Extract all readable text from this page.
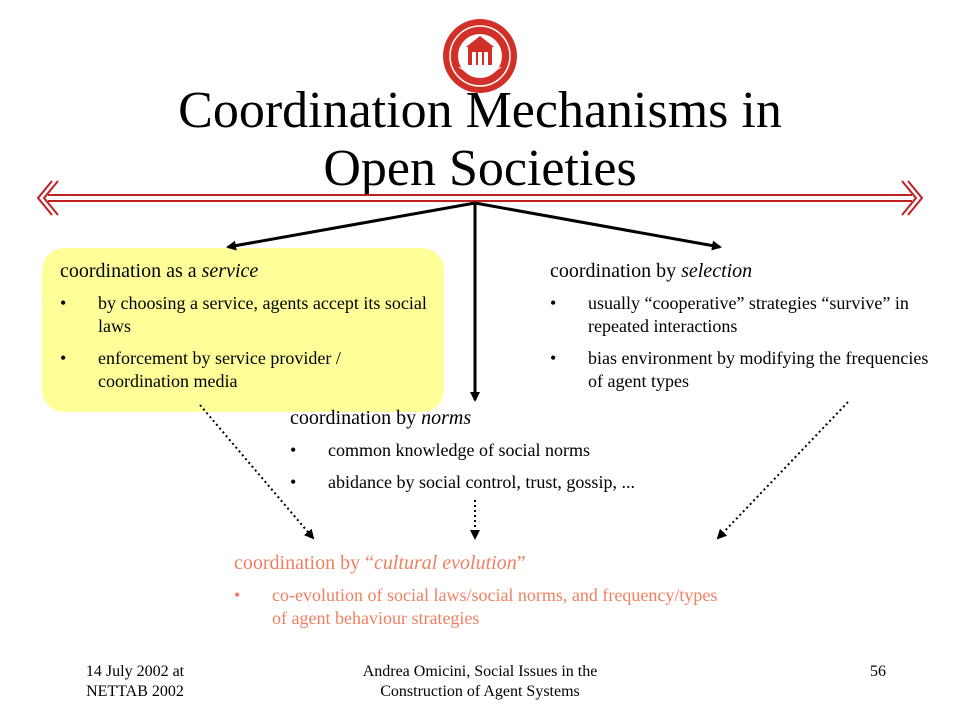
Coordination Mechanisms in
Open Societies

coordination as a service

• by choosing a service, agents accept its social laws
• enforcement by service provider / coordination media

coordination by selection

• usually “cooperative” strategies “survive” in repeated interactions
• bias environment by modifying the frequencies of agent types

coordination by norms

• common knowledge of social norms
• abidance by social control, trust, gossip, ...

coordination by “cultural evolution”

• co-evolution of social laws/social norms, and frequency/types of agent behaviour strategies
14 July 2002 at
NETTAB 2002
Andrea Omicini, Social Issues in the
Construction of Agent Systems
56
